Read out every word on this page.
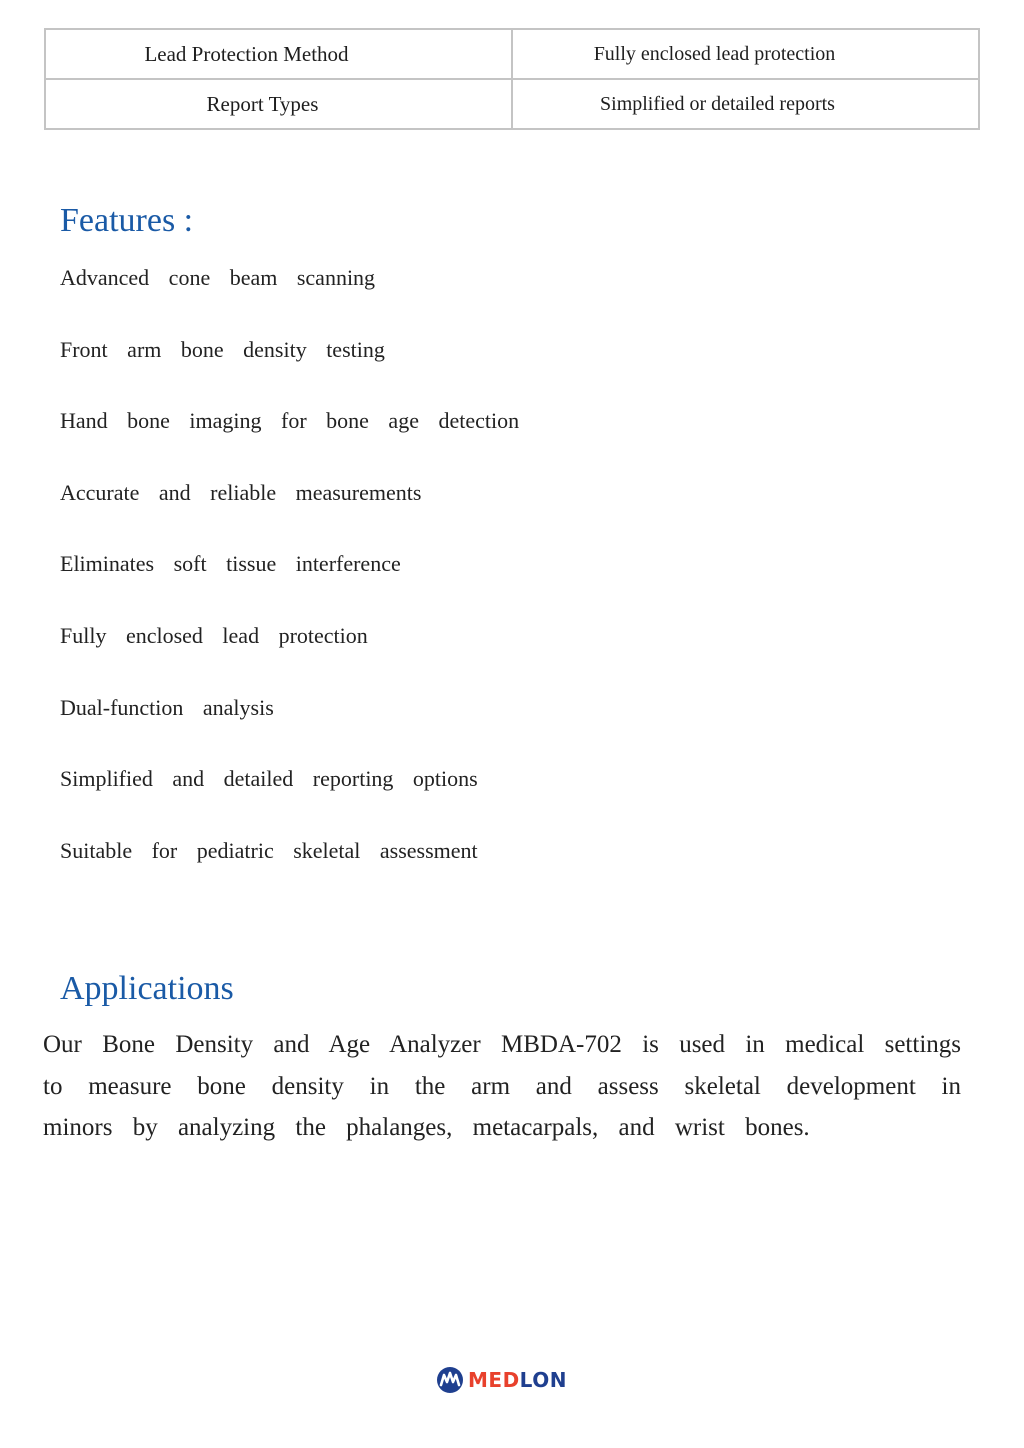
Lead Protection Method	Fully enclosed lead protection
Report Types	Simplified or detailed reports
Features :
Advanced cone beam scanning
Front arm bone density testing
Hand bone imaging for bone age detection
Accurate and reliable measurements
Eliminates soft tissue interference
Fully enclosed lead protection
Dual-function analysis
Simplified and detailed reporting options
Suitable for pediatric skeletal assessment
Applications

Our Bone Density and Age Analyzer MBDA-702 is used in medical settings to measure bone density in the arm and assess skeletal development in minors by analyzing the phalanges, metacarpals, and wrist bones.

MEDLON
